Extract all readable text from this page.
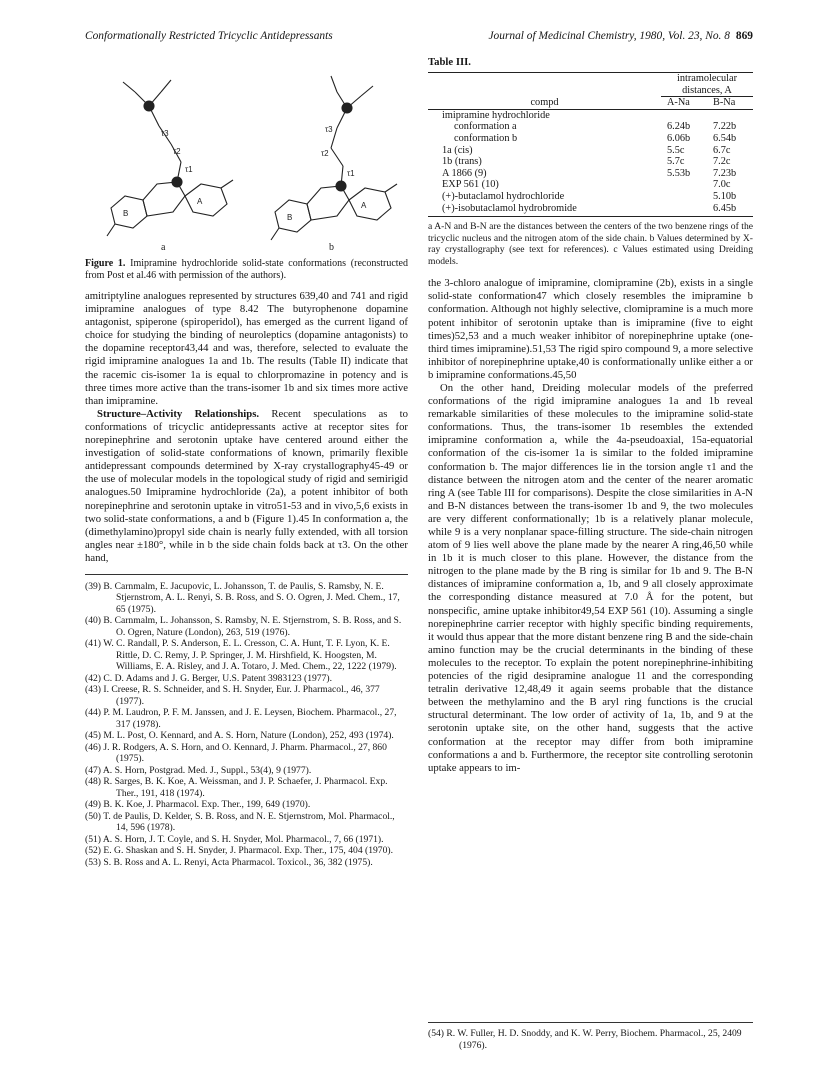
Conformationally Restricted Tricyclic Antidepressants	Journal of Medicinal Chemistry, 1980, Vol. 23, No. 8 869
A
B
τ1
τ2
τ3
A
B
τ1
τ2
τ3
a	b
Figure 1. Imipramine hydrochloride solid-state conformations (reconstructed from Post et al.46 with permission of the authors).

amitriptyline analogues represented by structures 639,40 and 741 and rigid imipramine analogues of type 8.42 The butyrophenone dopamine antagonist, spiperone (spiroperidol), has emerged as the current ligand of choice for studying the binding of neuroleptics (dopamine antagonists) to the dopamine receptor43,44 and was, therefore, selected to evaluate the rigid imipramine analogues 1a and 1b. The results (Table II) indicate that the racemic cis-isomer 1a is equal to chlorpromazine in potency and is three times more active than the trans-isomer 1b and six times more active than imipramine.

Structure–Activity Relationships. Recent speculations as to conformations of tricyclic antidepressants active at receptor sites for norepinephrine and serotonin uptake have centered around either the investigation of solid-state conformations of known, primarily flexible antidepressant compounds determined by X-ray crystallography45-49 or the use of molecular models in the topological study of rigid and semirigid analogues.50 Imipramine hydrochloride (2a), a potent inhibitor of both norepinephrine and serotonin uptake in vitro51-53 and in vivo,5,6 exists in two solid-state conformations, a and b (Figure 1).45 In conformation a, the (dimethylamino)propyl side chain is nearly fully extended, with all torsion angles near ±180°, while in b the side chain folds back at τ3. On the other hand,

(39) B. Carnmalm, E. Jacupovic, L. Johansson, T. de Paulis, S. Ramsby, N. E. Stjernstrom, A. L. Renyi, S. B. Ross, and S. O. Ogren, J. Med. Chem., 17, 65 (1975).
(40) B. Carnmalm, L. Johansson, S. Ramsby, N. E. Stjernstrom, S. B. Ross, and S. O. Ogren, Nature (London), 263, 519 (1976).
(41) W. C. Randall, P. S. Anderson, E. L. Cresson, C. A. Hunt, T. F. Lyon, K. E. Rittle, D. C. Remy, J. P. Springer, J. M. Hirshfield, K. Hoogsten, M. Williams, E. A. Risley, and J. A. Totaro, J. Med. Chem., 22, 1222 (1979).
(42) C. D. Adams and J. G. Berger, U.S. Patent 3983123 (1977).
(43) I. Creese, R. S. Schneider, and S. H. Snyder, Eur. J. Pharmacol., 46, 377 (1977).
(44) P. M. Laudron, P. F. M. Janssen, and J. E. Leysen, Biochem. Pharmacol., 27, 317 (1978).
(45) M. L. Post, O. Kennard, and A. S. Horn, Nature (London), 252, 493 (1974).
(46) J. R. Rodgers, A. S. Horn, and O. Kennard, J. Pharm. Pharmacol., 27, 860 (1975).
(47) A. S. Horn, Postgrad. Med. J., Suppl., 53(4), 9 (1977).
(48) R. Sarges, B. K. Koe, A. Weissman, and J. P. Schaefer, J. Pharmacol. Exp. Ther., 191, 418 (1974).
(49) B. K. Koe, J. Pharmacol. Exp. Ther., 199, 649 (1970).
(50) T. de Paulis, D. Kelder, S. B. Ross, and N. E. Stjernstrom, Mol. Pharmacol., 14, 596 (1978).
(51) A. S. Horn, J. T. Coyle, and S. H. Snyder, Mol. Pharmacol., 7, 66 (1971).
(52) E. G. Shaskan and S. H. Snyder, J. Pharmacol. Exp. Ther., 175, 404 (1970).
(53) S. B. Ross and A. L. Renyi, Acta Pharmacol. Toxicol., 36, 382 (1975).
Table III.
	intramolecular distances, A	
compd	A-Na	B-Na
imipramine hydrochloride		
conformation a	6.24b	7.22b
conformation b	6.06b	6.54b
1a (cis)	5.5c	6.7c
1b (trans)	5.7c	7.2c
A 1866 (9)	5.53b	7.23b
EXP 561 (10)		7.0c
(+)-butaclamol hydrochloride		5.10b
(+)-isobutaclamol hydrobromide		6.45b
a A-N and B-N are the distances between the centers of the two benzene rings of the tricyclic nucleus and the nitrogen atom of the side chain. b Values determined by X-ray crystallography (see text for references). c Values estimated using Dreiding models.

the 3-chloro analogue of imipramine, clomipramine (2b), exists in a single solid-state conformation47 which closely resembles the imipramine b conformation. Although not highly selective, clomipramine is a much more potent inhibitor of serotonin uptake than is imipramine (five to eight times)52,53 and a much weaker inhibitor of norepinephrine uptake (one-third times imipramine).51,53 The rigid spiro compound 9, a more selective inhibitor of norepinephrine uptake,40 is conformationally unlike either a or b imipramine conformations.45,50

On the other hand, Dreiding molecular models of the preferred conformations of the rigid imipramine analogues 1a and 1b reveal remarkable similarities of these molecules to the imipramine solid-state conformations. Thus, the trans-isomer 1b resembles the extended imipramine conformation a, while the 4a-pseudoaxial, 15a-equatorial conformation of the cis-isomer 1a is similar to the folded imipramine conformation b. The major differences lie in the torsion angle τ1 and the distance between the nitrogen atom and the center of the nearer aromatic ring A (see Table III for comparisons). Despite the close similarities in A-N and B-N distances between the trans-isomer 1b and 9, the two molecules are very different conformationally; 1b is a relatively planar molecule, while 9 is a very nonplanar space-filling structure. The side-chain nitrogen atom of 9 lies well above the plane made by the nearer A ring,46,50 while in 1b it is much closer to this plane. However, the distance from the nitrogen to the plane made by the B ring is similar for 1b and 9. The B-N distances of imipramine conformation a, 1b, and 9 all closely approximate the corresponding distance measured at 7.0 Å for the potent, but nonspecific, amine uptake inhibitor49,54 EXP 561 (10). Assuming a single norepinephrine carrier receptor with highly specific binding requirements, it would thus appear that the more distant benzene ring B and the side-chain amino function may be the crucial determinants in the binding of these molecules to the receptor. To explain the potent norepinephrine-inhibiting potencies of the rigid desipramine analogue 11 and the corresponding tetralin derivative 12,48,49 it again seems probable that the distance between the methylamino and the B aryl ring functions is the crucial structural determinant. The low order of activity of 1a, 1b, and 9 at the serotonin uptake site, on the other hand, suggests that the active conformation at the receptor may differ from both imipramine conformations a and b. Furthermore, the receptor site controlling serotonin uptake appears to im-

(54) R. W. Fuller, H. D. Snoddy, and K. W. Perry, Biochem. Pharmacol., 25, 2409 (1976).
